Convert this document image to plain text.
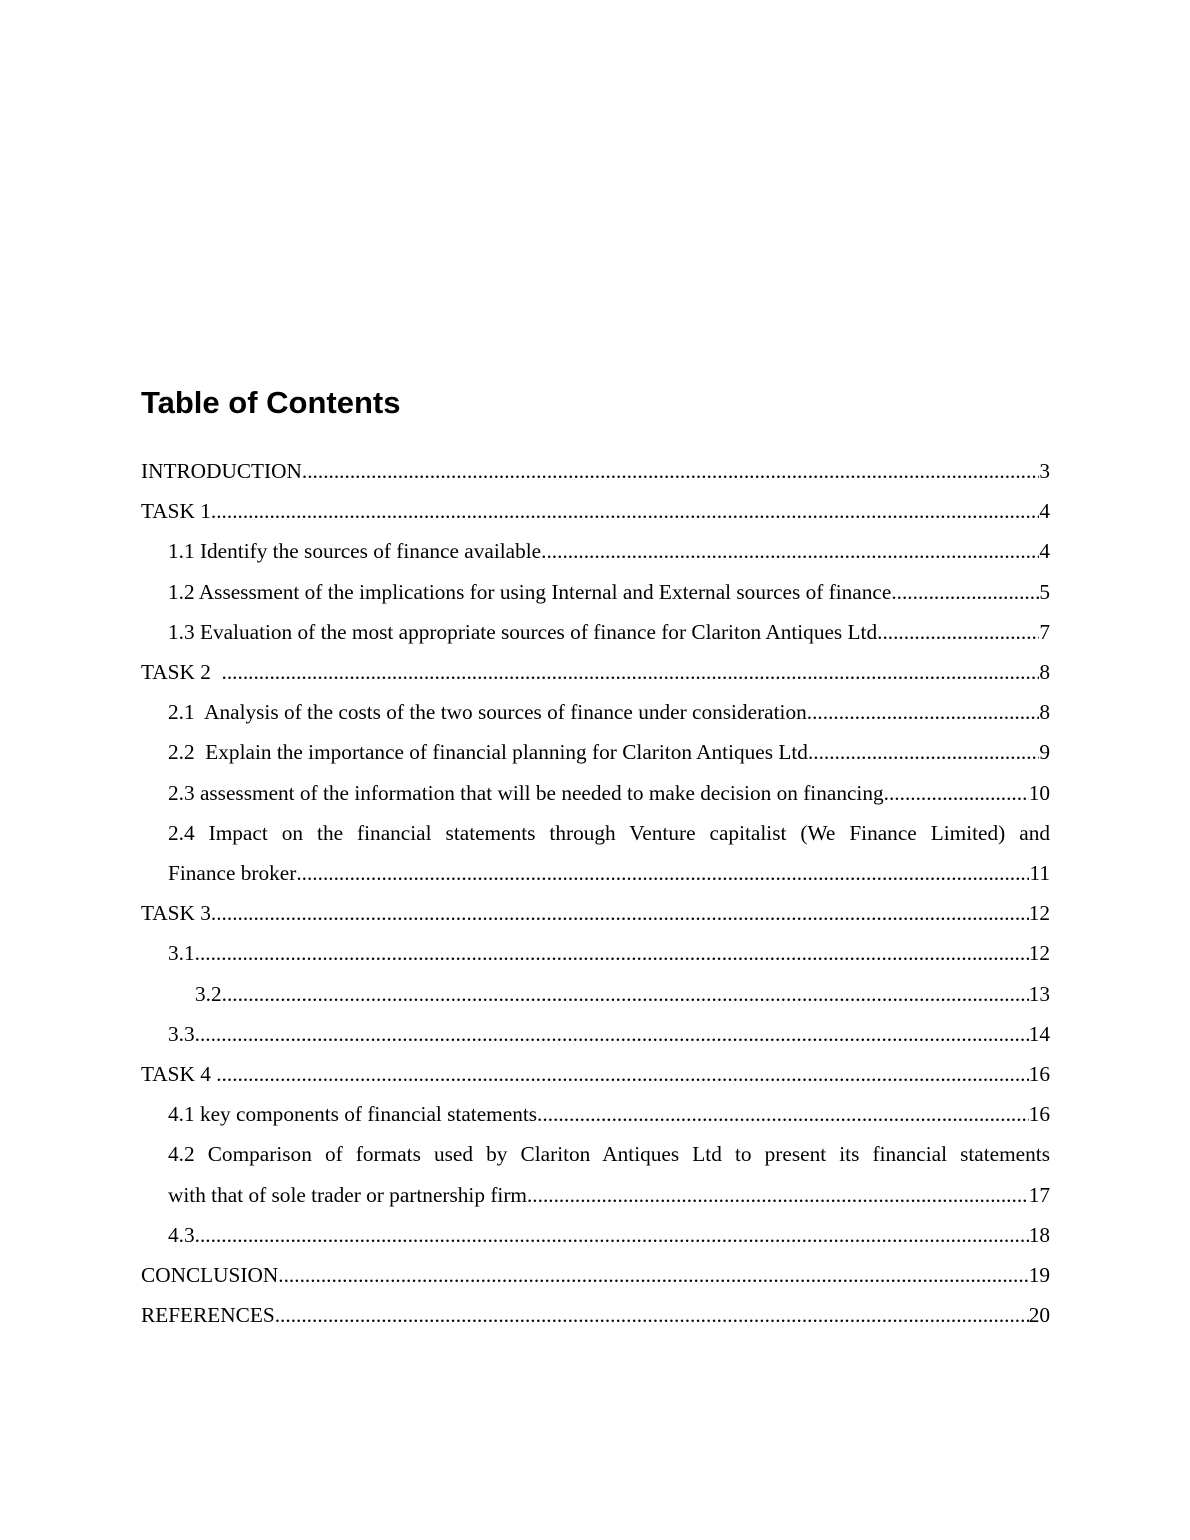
Table of Contents
INTRODUCTION .....	3
TASK 1 .....	4
1.1 Identify the sources of finance available .....	4
1.2 Assessment of the implications for using Internal and External sources of finance .....	5
1.3 Evaluation of the most appropriate sources of finance for Clariton Antiques Ltd. .....	7
TASK 2 .....	8
2.1  Analysis of the costs of the two sources of finance under consideration .....	8
2.2  Explain the importance of financial planning for Clariton Antiques Ltd .....	9
2.3 assessment of the information that will be needed to make decision on financing .....	10
2.4 Impact on the financial statements through Venture capitalist (We Finance Limited) and
Finance broker .....	11
TASK 3 .....	12
3.1 .....	12
3.2 .....	13
3.3 .....	14
TASK 4 .....	16
4.1 key components of financial statements .....	16
4.2 Comparison of formats used by Clariton Antiques Ltd to present its financial statements
with that of sole trader or partnership firm .....	17
4.3 .....	18
CONCLUSION .....	19
REFERENCES .....	20
